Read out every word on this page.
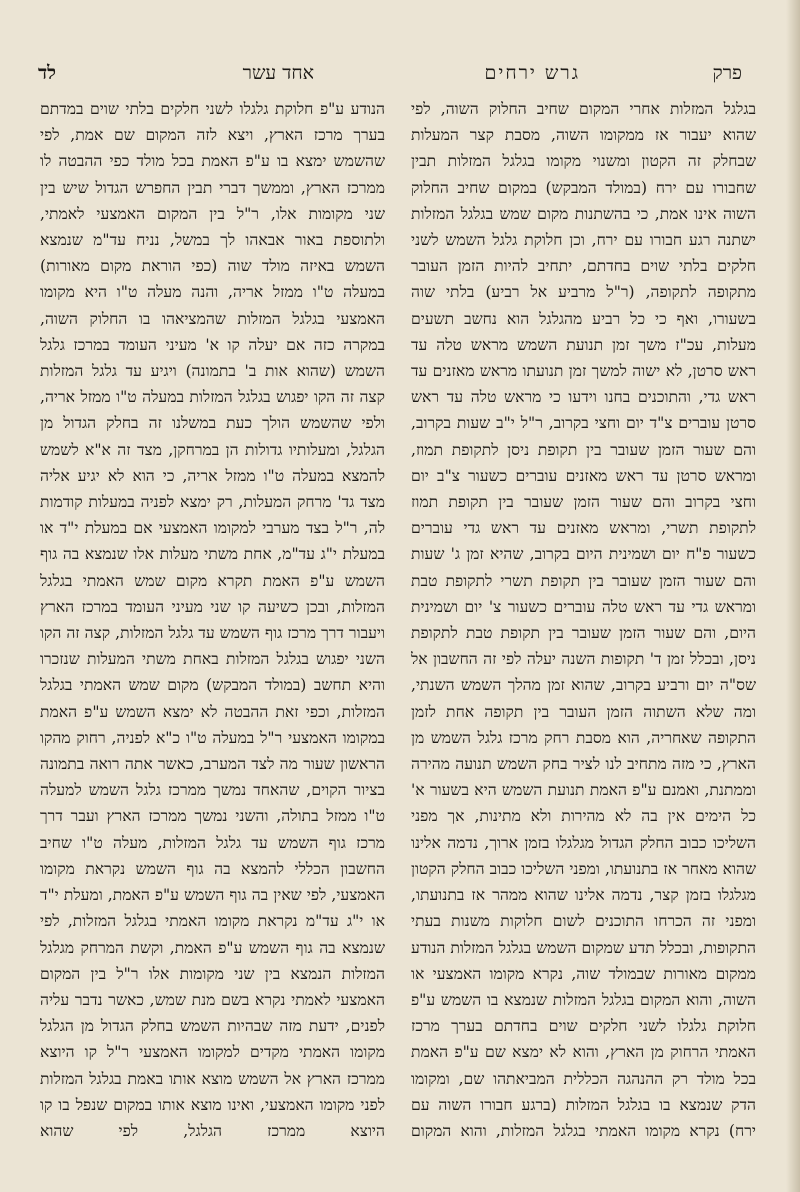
פרק
גרש ירחים
אחד עשר
לד

בגלגל המזלות אחרי המקום שחיב החלוק השוה, לפי שהוא יעבור אז ממקומו השוה, מסבת קצר המעלות שבחלק זה הקטון ומשנוי מקומו בגלגל המזלות תבין שחבורו עם ירח (במולד המבקש) במקום שחיב החלוק השוה אינו אמת, כי בהשתנות מקום שמש בגלגל המזלות ישתנה רגע חבורו עם ירח, וכן חלוקת גלגל השמש לשני חלקים בלתי שוים בחדתם, יתחיב להיות הזמן העובר מתקופה לתקופה, (ר"ל מרביע אל רביע) בלתי שוה בשעורו, ואף כי כל רביע מהגלגל הוא נחשב תשעים מעלות, עכ"ז משך זמן תנועת השמש מראש טלה עד ראש סרטן, לא ישוה למשך זמן תנועתו מראש מאזנים עד ראש גדי, והתוכנים בחנו וידעו כי מראש טלה עד ראש סרטן עוברים צ"ד יום וחצי בקרוב, ר"ל י"ב שעות בקרוב, והם שעור הזמן שעובר בין תקופת ניסן לתקופת תמוז, ומראש סרטן עד ראש מאזנים עוברים כשעור צ"ב יום וחצי בקרוב והם שעור הזמן שעובר בין תקופת תמוז לתקופת תשרי, ומראש מאזנים עד ראש גדי עוברים כשעור פ"ח יום ושמינית היום בקרוב, שהיא זמן ג' שעות והם שעור הזמן שעובר בין תקופת תשרי לתקופת טבת ומראש גדי עד ראש טלה עוברים כשעור צ' יום ושמינית היום, והם שעור הזמן שעובר בין תקופת טבת לתקופת ניסן, ובכלל זמן ד' תקופות השנה יעלה לפי זה החשבון אל שס"ה יום ורביע בקרוב, שהוא זמן מהלך השמש השנתי, ומה שלא השתוה הזמן העובר בין תקופה אחת לזמן התקופה שאחריה, הוא מסבת רחק מרכז גלגל השמש מן הארץ, כי מזה מתחיב לנו לציר בחק השמש תנועה מהירה וממתנת, ואמנם ע"פ האמת תנועת השמש היא בשעור א' כל הימים אין בה לא מהירות ולא מתינות, אך מפני השליכו כבוב החלק הגדול מגלגלו בזמן ארוך, נדמה אלינו שהוא מאחר אז בתנועתו, ומפני השליכו כבוב החלק הקטון מגלגלו בזמן קצר, נדמה אלינו שהוא ממהר אז בתנועתו, ומפני זה הכרחו התוכנים לשום חלוקות משנות בעתי התקופות, ובכלל תדע שמקום השמש בגלגל המזלות הנודע ממקום מאורות שבמולד שוה, נקרא מקומו האמצעי או השוה, והוא המקום בגלגל המזלות שנמצא בו השמש ע"פ חלוקת גלגלו לשני חלקים שוים בחדתם בערך מרכז האמתי הרחוק מן הארץ, והוא לא ימצא שם ע"פ האמת בכל מולד רק ההנהגה הכללית המביאתהו שם, ומקומו הדק שנמצא בו בגלגל המזלות (ברגע חבורו השוה עם ירח) נקרא מקומו האמתי בגלגל המזלות, והוא המקום

הנודע ע"פ חלוקת גלגלו לשני חלקים בלתי שוים במדתם בערך מרכז הארץ, ויצא לזה המקום שם אמת, לפי שהשמש ימצא בו ע"פ האמת בכל מולד כפי ההבטה לו ממרכז הארץ, וממשך דברי תבין החפרש הגדול שיש בין שני מקומות אלו, ר"ל בין המקום האמצעי לאמתי, ולתוספת באור אבאהו לך במשל, נניח עד"מ שנמצא השמש באיזה מולד שוה (כפי הוראת מקום מאורות) במעלה ט"ו ממזל אריה, והנה מעלה ט"ו היא מקומו האמצעי בגלגל המזלות שהמציאהו בו החלוק השוה, במקרה כזה אם יעלה קו א' מעיני העומד במרכז גלגל השמש (שהוא אות ב' בתמונה) ויגיע עד גלגל המזלות קצה זה הקו יפגוש בגלגל המזלות במעלה ט"ו ממזל אריה, ולפי שהשמש הולך כעת במשלנו זה בחלק הגדול מן הגלגל, ומעלותיו גדולות הן במרחקן, מצד זה א"א לשמש להמצא במעלה ט"ו ממזל אריה, כי הוא לא יגיע אליה מצד גד' מרחק המעלות, רק ימצא לפניה במעלות קודמות לה, ר"ל בצד מערבי למקומו האמצעי אם במעלת י"ד או במעלת י"ג עד"מ, אחת משתי מעלות אלו שנמצא בה גוף השמש ע"פ האמת תקרא מקום שמש האמתי בגלגל המזלות, ובכן כשיעה קו שני מעיני העומד במרכז הארץ ויעבור דרך מרכז גוף השמש עד גלגל המזלות, קצה זה הקו השני יפגוש בגלגל המזלות באחת משתי המעלות שנזכרו והיא תחשב (במולד המבקש) מקום שמש האמתי בגלגל המזלות, וכפי זאת ההבטה לא ימצא השמש ע"פ האמת במקומו האמצעי ר"ל במעלה ט"ו כ"א לפניה, רחוק מהקו הראשון שעור מה לצד המערב, כאשר אתה רואה בתמונה בציור הקוים, שהאחד נמשך ממרכז גלגל השמש למעלה ט"ו ממזל בתולה, והשני נמשך ממרכז הארץ ועבר דרך מרכז גוף השמש עד גלגל המזלות, מעלה ט"ו שחיב החשבון הכללי להמצא בה גוף השמש נקראת מקומו האמצעי, לפי שאין בה גוף השמש ע"פ האמת, ומעלת י"ד או י"ג עד"מ נקראת מקומו האמתי בגלגל המזלות, לפי שנמצא בה גוף השמש ע"פ האמת, וקשת המרחק מגלגל המזלות הנמצא בין שני מקומות אלו ר"ל בין המקום האמצעי לאמתי נקרא בשם מנת שמש, כאשר נדבר עליה לפנים, ידעת מזה שבהיות השמש בחלק הגדול מן הגלגל מקומו האמתי מקדים למקומו האמצעי ר"ל קו היוצא ממרכז הארץ אל השמש מוצא אותו באמת בגלגל המזלות לפני מקומו האמצעי, ואינו מוצא אותו במקום שנפל בו קו היוצא ממרכז הגלגל, לפי שהוא
